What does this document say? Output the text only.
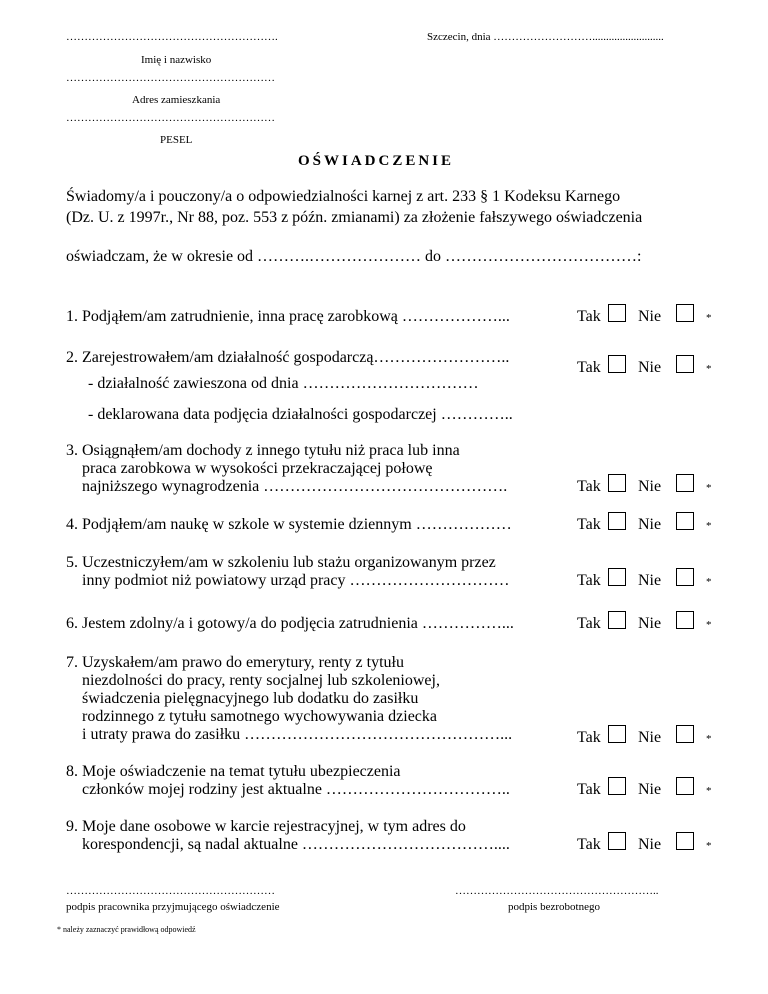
………………………………………………….	Szczecin, dnia ………………………..........................
Imię i nazwisko
…………………………………………………
Adres zamieszkania
…………………………………………………
PESEL
OŚWIADCZENIE
Świadomy/a i pouczony/a o odpowiedzialności karnej z art. 233 § 1 Kodeksu Karnego
(Dz. U. z 1997r., Nr 88, poz. 553 z późn. zmianami) za złożenie fałszywego oświadczenia
oświadczam, że w okresie od ……….………………… do ………………………………:
1. Podjąłem/am zatrudnienie, inna pracę zarobkową ………………...	Tak Nie	*
2. Zarejestrowałem/am działalność gospodarczą……………………..
Tak Nie	*
- działalność zawieszona od dnia ……………………………
- deklarowana data podjęcia działalności gospodarczej …………..
3. Osiągnąłem/am dochody z innego tytułu niż praca lub inna
praca zarobkowa w wysokości przekraczającej połowę
najniższego wynagrodzenia ……………………………………….	Tak Nie	*
4. Podjąłem/am naukę w szkole w systemie dziennym ………………	Tak Nie	*
5. Uczestniczyłem/am w szkoleniu lub stażu organizowanym przez
inny podmiot niż powiatowy urząd pracy …………………………	Tak Nie	*
6. Jestem zdolny/a i gotowy/a do podjęcia zatrudnienia ……………...	Tak Nie	*
7. Uzyskałem/am prawo do emerytury, renty z tytułu
niezdolności do pracy, renty socjalnej lub szkoleniowej,
świadczenia pielęgnacyjnego lub dodatku do zasiłku
rodzinnego z tytułu samotnego wychowywania dziecka
i utraty prawa do zasiłku …………………………………………...	Tak Nie	*
8. Moje oświadczenie na temat tytułu ubezpieczenia
członków mojej rodziny jest aktualne ……………………………..	Tak Nie	*
9. Moje dane osobowe w karcie rejestracyjnej, w tym adres do
korespondencji, są nadal aktualne ………………………………....	Tak Nie	*
…………………………………………………
podpis pracownika przyjmującego oświadczenie
………………………………………………..
podpis bezrobotnego
* należy zaznaczyć prawidłową odpowiedź
